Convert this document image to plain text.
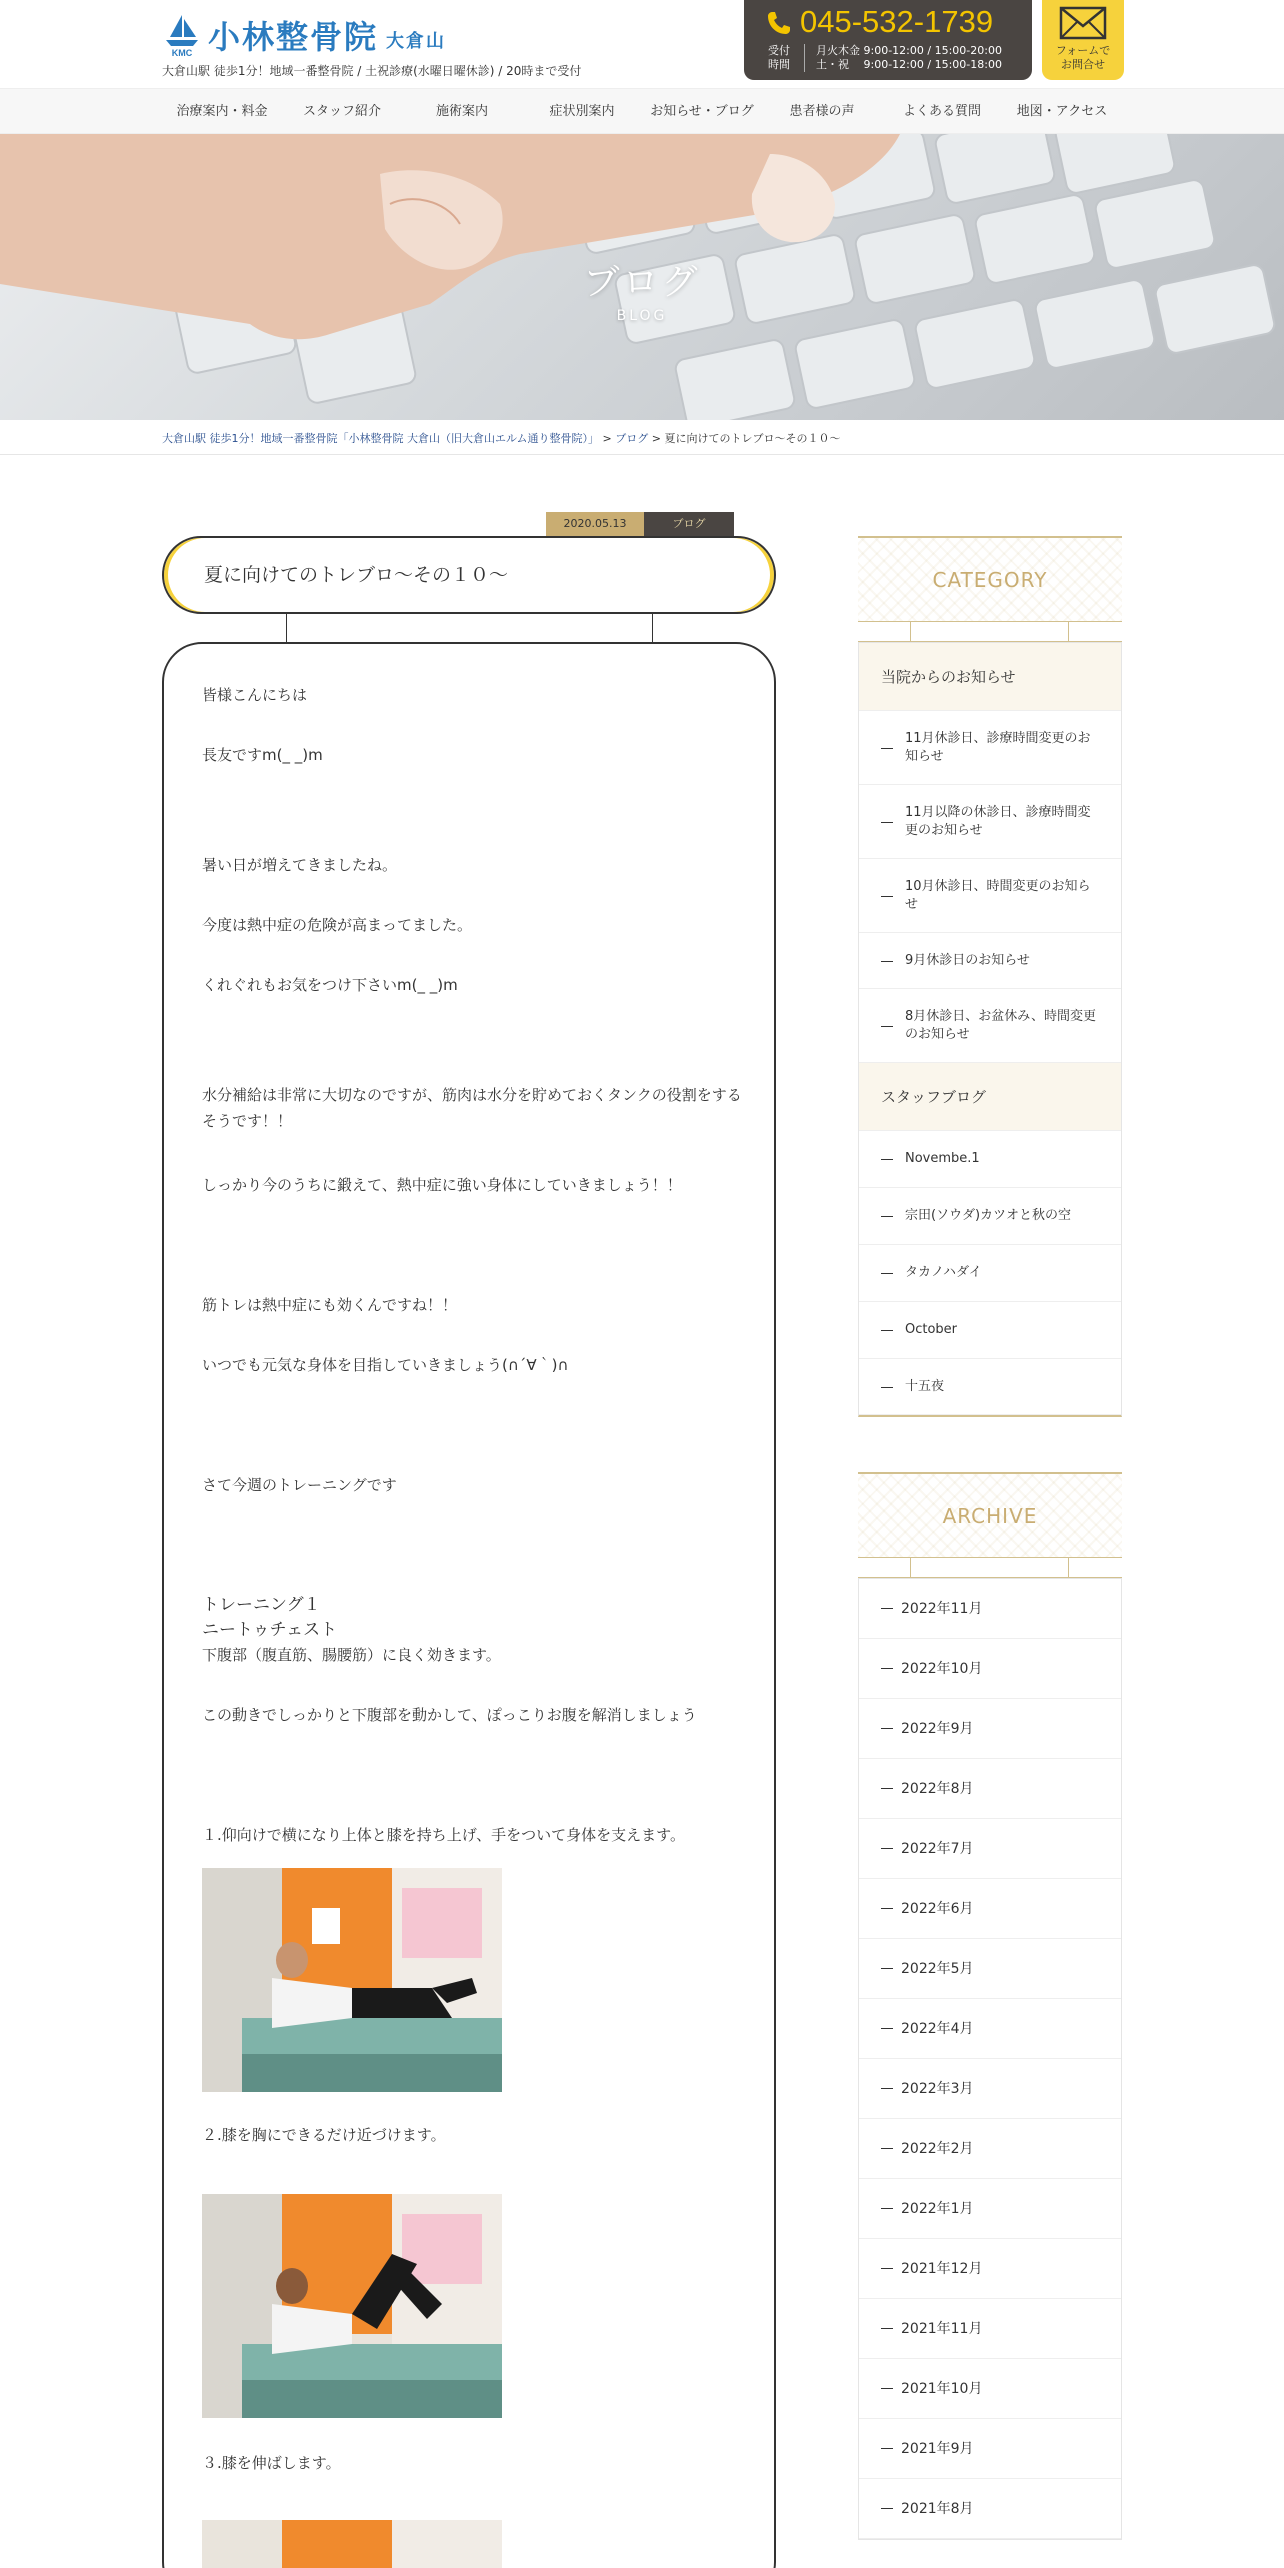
KMC 小林整骨院 大倉山
大倉山駅 徒歩1分！地域一番整骨院 / 土祝診療(水曜日曜休診) / 20時まで受付
045-532-1739
受付
時間
月火木金 9:00-12:00 / 15:00-20:00
土・祝　 9:00-12:00 / 15:00-18:00
フォームで
お問合せ
治療案内・料金	スタッフ紹介	施術案内	症状別案内	お知らせ・ブログ	患者様の声	よくある質問	地図・アクセス
ブログ
BLOG
大倉山駅 徒歩1分！地域一番整骨院「小林整骨院 大倉山（旧大倉山エルム通り整骨院）」 > ブログ > 夏に向けてのトレブロ～その１０～
2020.05.13	ブログ
夏に向けてのトレブロ～その１０～

皆様こんにちは

長友ですm(_ _)m

暑い日が増えてきましたね。

今度は熱中症の危険が高まってました。

くれぐれもお気をつけ下さいm(_ _)m

水分補給は非常に大切なのですが、筋肉は水分を貯めておくタンクの役割をするそうです！！

しっかり今のうちに鍛えて、熱中症に強い身体にしていきましょう！！

筋トレは熱中症にも効くんですね！！

いつでも元気な身体を目指していきましょう(∩´∀｀)∩

さて今週のトレーニングです

トレーニング１

ニートゥチェスト

下腹部（腹直筋、腸腰筋）に良く効きます。

この動きでしっかりと下腹部を動かして、ぽっこりお腹を解消しましょう

１.仰向けで横になり上体と膝を持ち上げ、手をついて身体を支えます。

２.膝を胸にできるだけ近づけます。

３.膝を伸ばします。

CATEGORY
当院からのお知らせ
11月休診日、診療時間変更のお知らせ
11月以降の休診日、診療時間変更のお知らせ
10月休診日、時間変更のお知らせ
9月休診日のお知らせ
8月休診日、お盆休み、時間変更のお知らせ
スタッフブログ
Novembe.1
宗田(ソウダ)カツオと秋の空
タカノハダイ
October
十五夜
ARCHIVE
2022年11月
2022年10月
2022年9月
2022年8月
2022年7月
2022年6月
2022年5月
2022年4月
2022年3月
2022年2月
2022年1月
2021年12月
2021年11月
2021年10月
2021年9月
2021年8月
